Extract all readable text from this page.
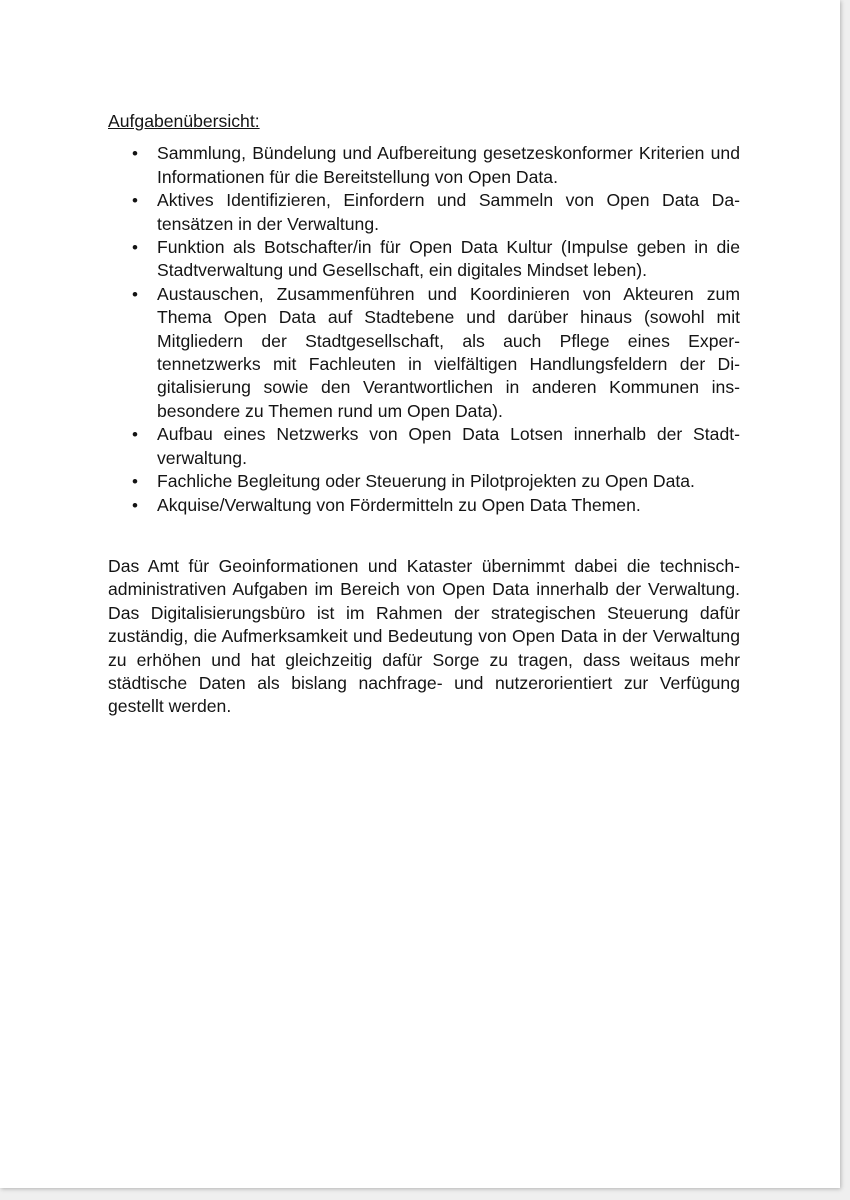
Aufgabenübersicht:
•	Sammlung, Bündelung und Aufbereitung gesetzeskonformer Kriterien und Informationen für die Bereitstellung von Open Data.
•	Aktives Identifizieren, Einfordern und Sammeln von Open Data Datensätzen in der Verwaltung.
•	Funktion als Botschafter/in für Open Data Kultur (Impulse geben in die Stadtverwaltung und Gesellschaft, ein digitales Mindset leben).
•	Austauschen, Zusammenführen und Koordinieren von Akteuren zum Thema Open Data auf Stadtebene und darüber hinaus (sowohl mit Mitgliedern der Stadtgesellschaft, als auch Pflege eines Expertennetzwerks mit Fachleuten in vielfältigen Handlungsfeldern der Digitalisierung sowie den Verantwortlichen in anderen Kommunen insbesondere zu Themen rund um Open Data).
•	Aufbau eines Netzwerks von Open Data Lotsen innerhalb der Stadtverwaltung.
•	Fachliche Begleitung oder Steuerung in Pilotprojekten zu Open Data.
•	Akquise/Verwaltung von Fördermitteln zu Open Data Themen.

Das Amt für Geoinformationen und Kataster übernimmt dabei die technisch-administrativen Aufgaben im Bereich von Open Data innerhalb der Verwaltung. Das Digitalisierungsbüro ist im Rahmen der strategischen Steuerung dafür zuständig, die Aufmerksamkeit und Bedeutung von Open Data in der Verwaltung zu erhöhen und hat gleichzeitig dafür Sorge zu tragen, dass weitaus mehr städtische Daten als bislang nachfrage- und nutzerorientiert zur Verfügung gestellt werden.
